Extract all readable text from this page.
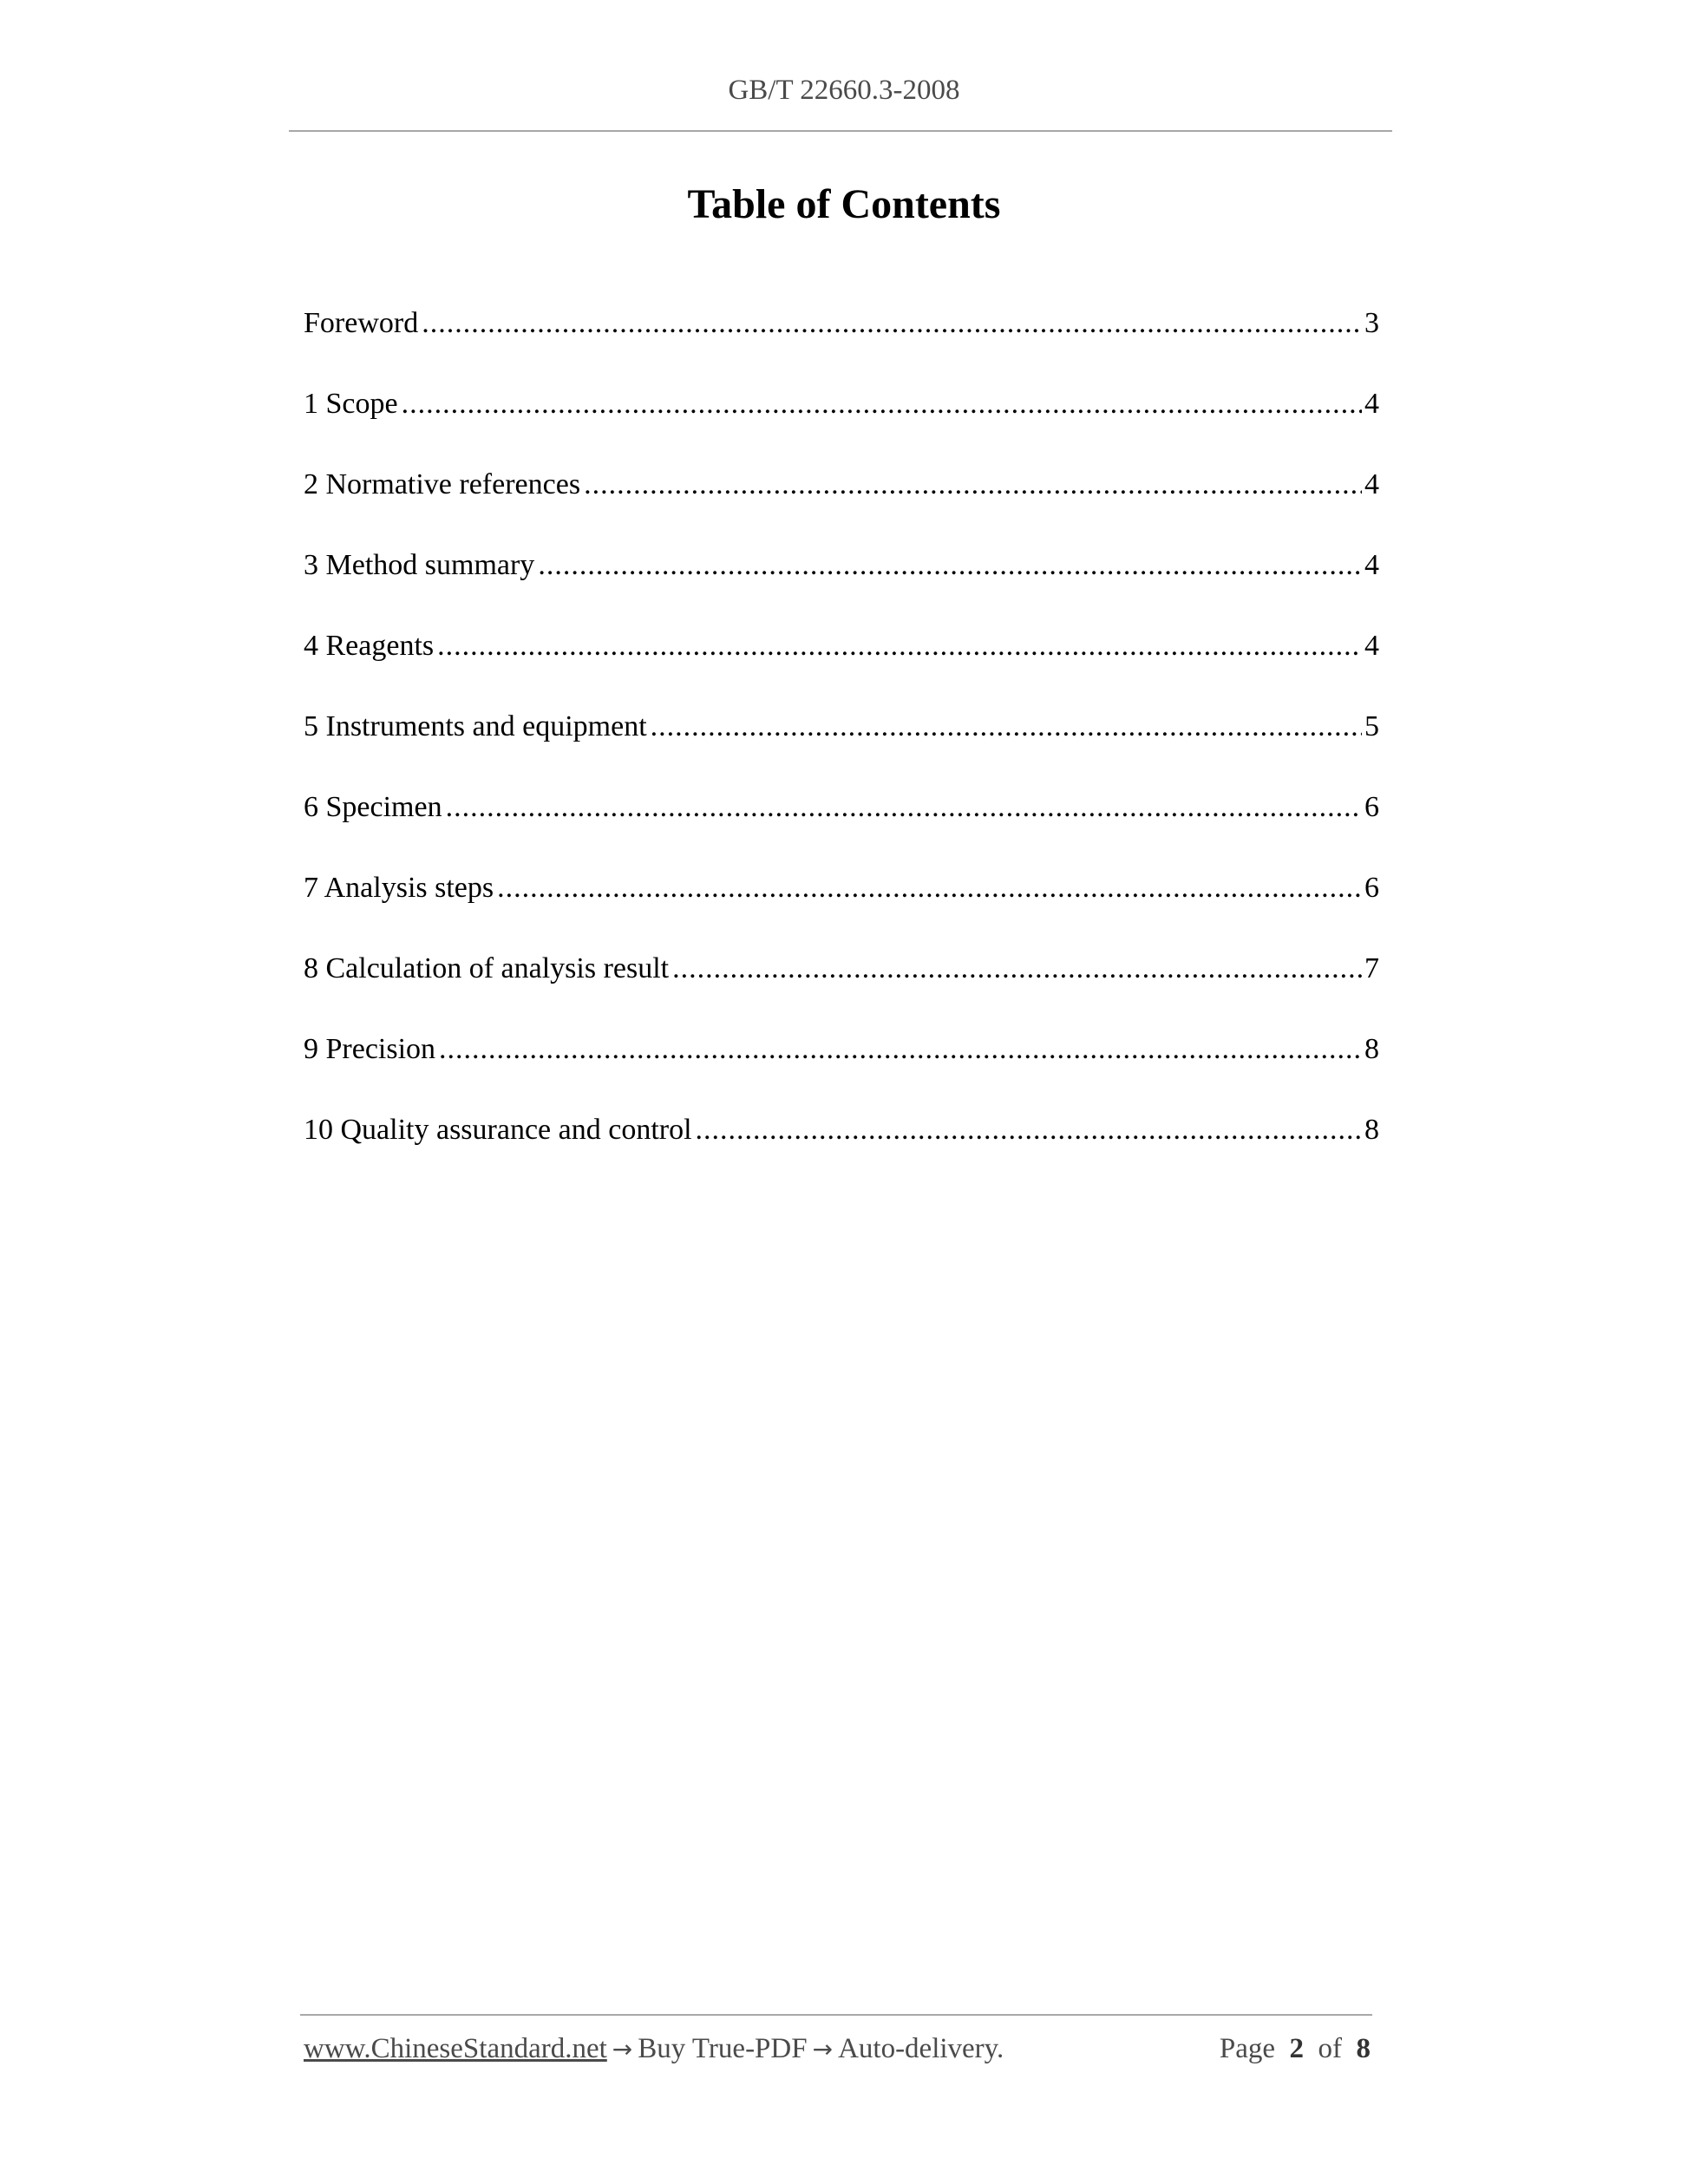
GB/T 22660.3-2008
Table of Contents
Foreword .....	3
1 Scope .....	4
2 Normative references .....	4
3 Method summary .....	4
4 Reagents .....	4
5 Instruments and equipment .....	5
6 Specimen .....	6
7 Analysis steps .....	6
8 Calculation of analysis result .....	7
9 Precision .....	8
10 Quality assurance and control .....	8
www.ChineseStandard.net → Buy True-PDF → Auto-delivery.	Page 2 of 8
